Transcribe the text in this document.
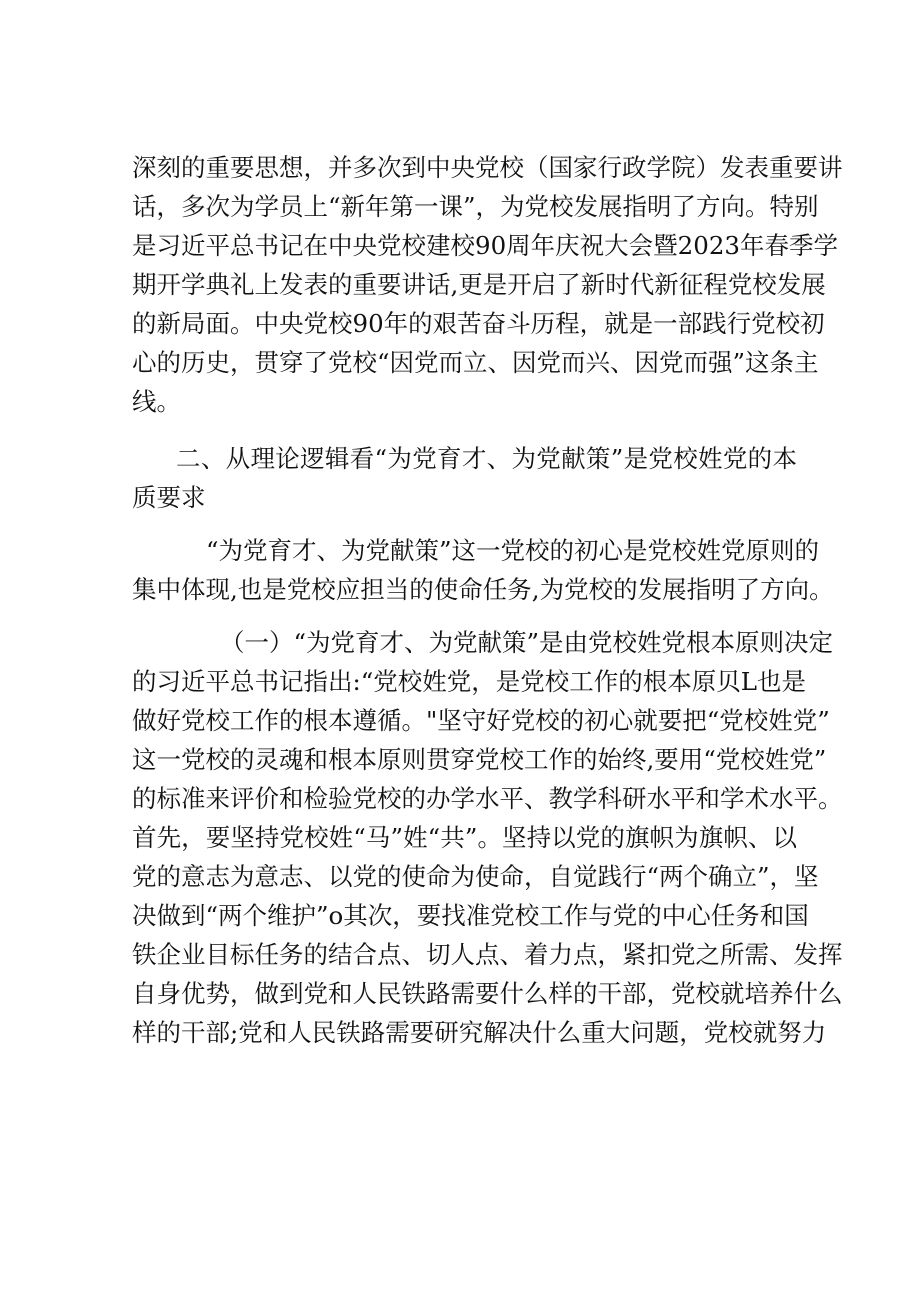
深刻的重要思想，并多次到中央党校（国家行政学院）发表重要讲
话，多次为学员上“新年第一课”，为党校发展指明了方向。特别
是习近平总书记在中央党校建校90周年庆祝大会暨2023年春季学
期开学典礼上发表的重要讲话,更是开启了新时代新征程党校发展
的新局面。中央党校90年的艰苦奋斗历程，就是一部践行党校初
心的历史，贯穿了党校“因党而立、因党而兴、因党而强”这条主
线。
二、从理论逻辑看“为党育才、为党献策”是党校姓党的本
质要求
“为党育才、为党献策”这一党校的初心是党校姓党原则的
集中体现,也是党校应担当的使命任务,为党校的发展指明了方向。
（一）“为党育才、为党献策”是由党校姓党根本原则决定
的习近平总书记指出:“党校姓党，是党校工作的根本原贝L也是
做好党校工作的根本遵循。"坚守好党校的初心就要把“党校姓党”
这一党校的灵魂和根本原则贯穿党校工作的始终,要用“党校姓党”
的标准来评价和检验党校的办学水平、教学科研水平和学术水平。
首先，要坚持党校姓“马”姓“共”。坚持以党的旗帜为旗帜、以
党的意志为意志、以党的使命为使命，自觉践行“两个确立”，坚
决做到“两个维护”o其次，要找准党校工作与党的中心任务和国
铁企业目标任务的结合点、切人点、着力点，紧扣党之所需、发挥
自身优势，做到党和人民铁路需要什么样的干部，党校就培养什么
样的干部;党和人民铁路需要研究解决什么重大问题，党校就努力
